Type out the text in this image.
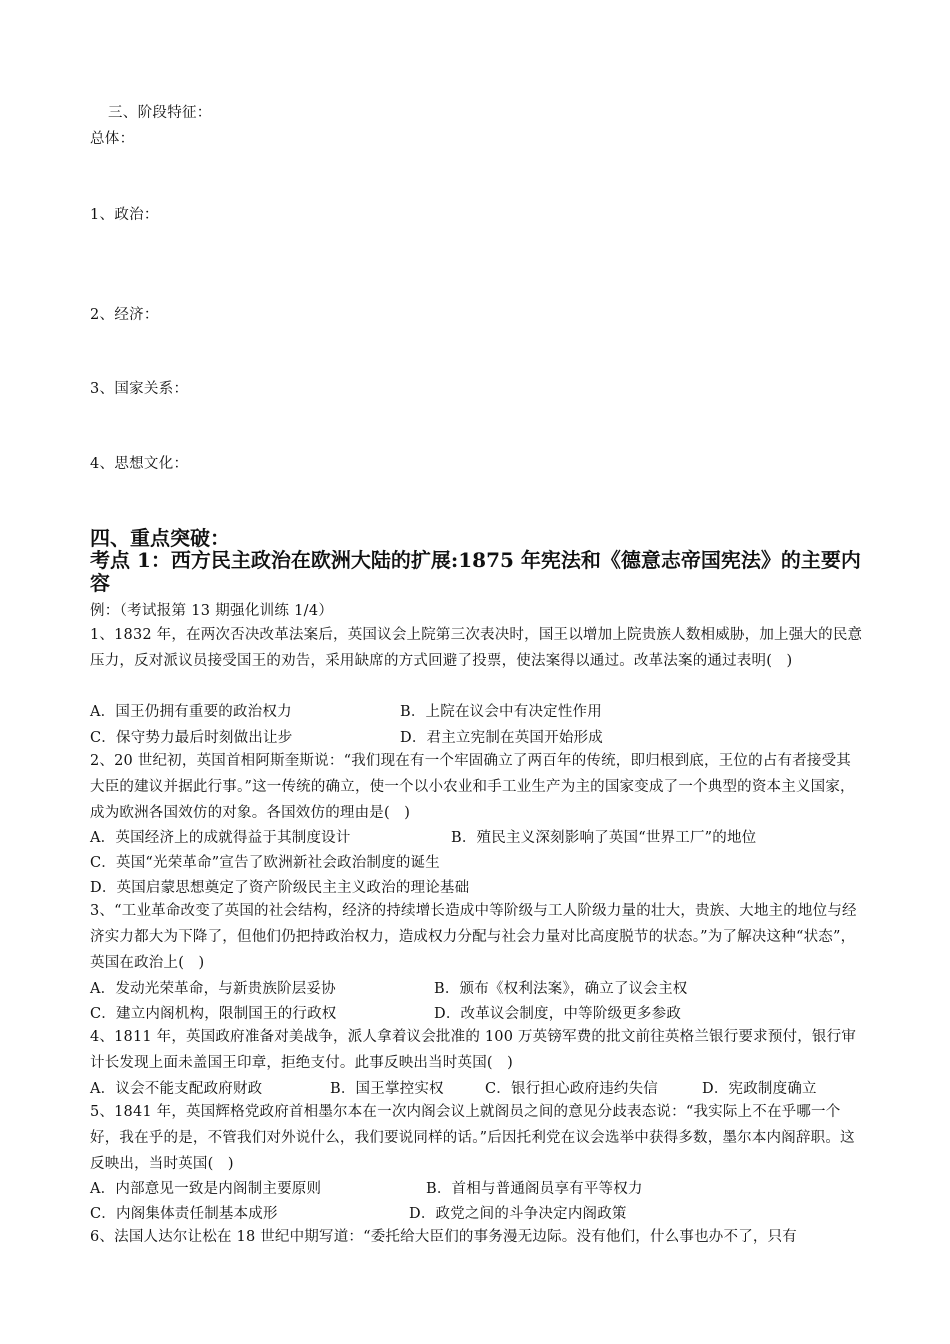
三、阶段特征：
总体：
1、政治：
2、经济：
3、国家关系：
4、思想文化：
四、重点突破：
考点 1：西方民主政治在欧洲大陆的扩展:1875 年宪法和《德意志帝国宪法》的主要内容
例：（考试报第 13 期强化训练 1/4）
1、1832 年，在两次否决改革法案后，英国议会上院第三次表决时，国王以增加上院贵族人数相威胁，加上强大的民意压力，反对派议员接受国王的劝告，采用缺席的方式回避了投票，使法案得以通过。改革法案的通过表明(   )
A．国王仍拥有重要的政治权力	B．上院在议会中有决定性作用
C．保守势力最后时刻做出让步	D．君主立宪制在英国开始形成
2、20 世纪初，英国首相阿斯奎斯说：“我们现在有一个牢固确立了两百年的传统，即归根到底，王位的占有者接受其大臣的建议并据此行事。”这一传统的确立，使一个以小农业和手工业生产为主的国家变成了一个典型的资本主义国家，成为欧洲各国效仿的对象。各国效仿的理由是(   )
A．英国经济上的成就得益于其制度设计	B．殖民主义深刻影响了英国“世界工厂”的地位
C．英国“光荣革命”宣告了欧洲新社会政治制度的诞生
D．英国启蒙思想奠定了资产阶级民主主义政治的理论基础
3、“工业革命改变了英国的社会结构，经济的持续增长造成中等阶级与工人阶级力量的壮大，贵族、大地主的地位与经济实力都大为下降了，但他们仍把持政治权力，造成权力分配与社会力量对比高度脱节的状态。”为了解决这种“状态”，英国在政治上(   )
A．发动光荣革命，与新贵族阶层妥协	B．颁布《权利法案》，确立了议会主权
C．建立内阁机构，限制国王的行政权	D．改革议会制度，中等阶级更多参政
4、1811 年，英国政府准备对美战争，派人拿着议会批准的 100 万英镑军费的批文前往英格兰银行要求预付，银行审计长发现上面未盖国王印章，拒绝支付。此事反映出当时英国(   )
A．议会不能支配政府财政	B．国王掌控实权	C．银行担心政府违约失信	D．宪政制度确立
5、1841 年，英国辉格党政府首相墨尔本在一次内阁会议上就阁员之间的意见分歧表态说：“我实际上不在乎哪一个好，我在乎的是，不管我们对外说什么，我们要说同样的话。”后因托利党在议会选举中获得多数，墨尔本内阁辞职。这反映出，当时英国(   )
A．内部意见一致是内阁制主要原则	B．首相与普通阁员享有平等权力
C．内阁集体责任制基本成形	D．政党之间的斗争决定内阁政策
6、法国人达尔让松在 18 世纪中期写道：“委托给大臣们的事务漫无边际。没有他们，什么事也办不了，只有
